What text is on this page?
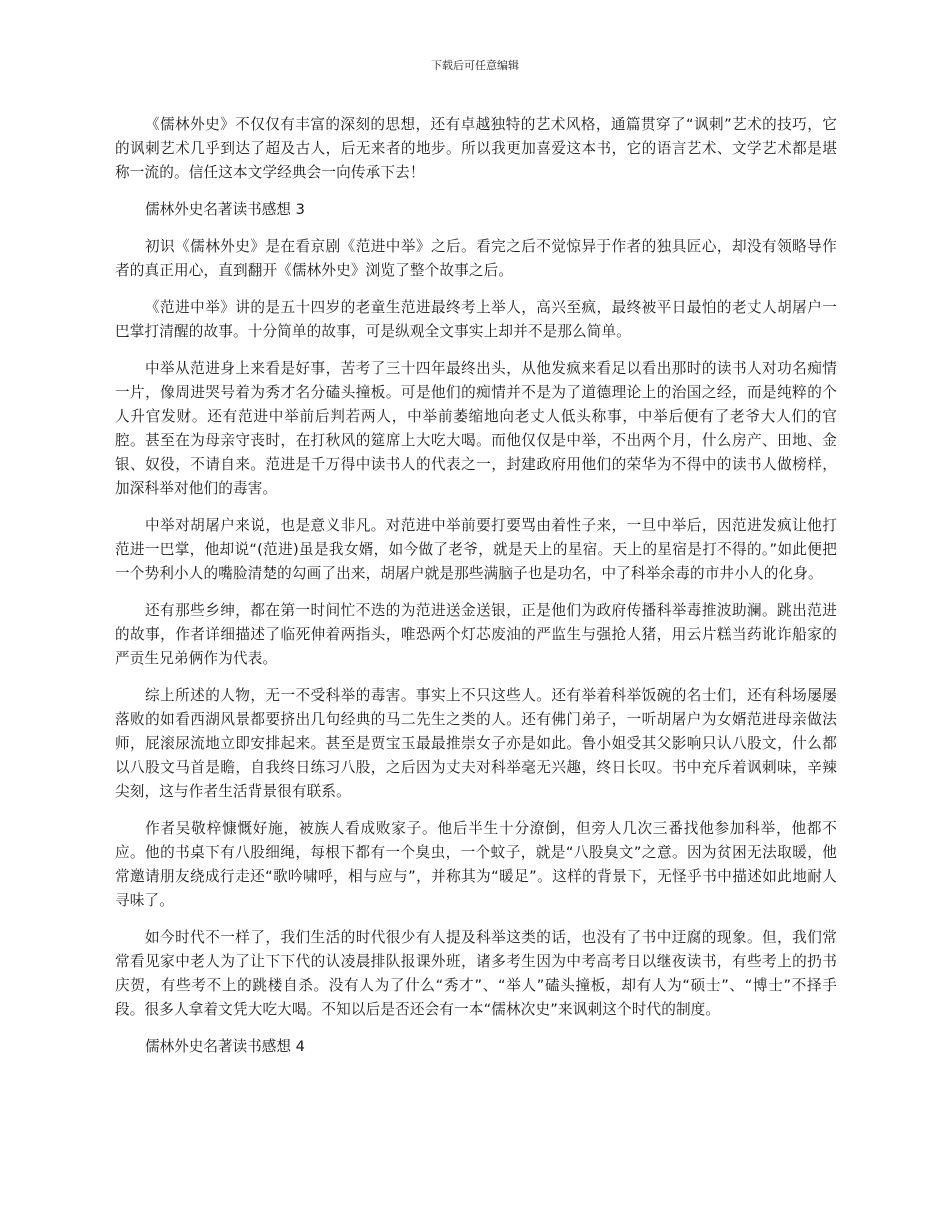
下载后可任意编辑

《儒林外史》不仅仅有丰富的深刻的思想，还有卓越独特的艺术风格，通篇贯穿了“讽刺”艺术的技巧，它的讽刺艺术几乎到达了超及古人，后无来者的地步。所以我更加喜爱这本书，它的语言艺术、文学艺术都是堪称一流的。信任这本文学经典会一向传承下去！

儒林外史名著读书感想 3

初识《儒林外史》是在看京剧《范进中举》之后。看完之后不觉惊异于作者的独具匠心，却没有领略导作者的真正用心，直到翻开《儒林外史》浏览了整个故事之后。

《范进中举》讲的是五十四岁的老童生范进最终考上举人，高兴至疯，最终被平日最怕的老丈人胡屠户一巴掌打清醒的故事。十分简单的故事，可是纵观全文事实上却并不是那么简单。

中举从范进身上来看是好事，苦考了三十四年最终出头，从他发疯来看足以看出那时的读书人对功名痴情一片，像周进哭号着为秀才名分磕头撞板。可是他们的痴情并不是为了道德理论上的治国之经，而是纯粹的个人升官发财。还有范进中举前后判若两人，中举前萎缩地向老丈人低头称事，中举后便有了老爷大人们的官腔。甚至在为母亲守丧时，在打秋风的筵席上大吃大喝。而他仅仅是中举，不出两个月，什么房产、田地、金银、奴役，不请自来。范进是千万得中读书人的代表之一，封建政府用他们的荣华为不得中的读书人做榜样，加深科举对他们的毒害。

中举对胡屠户来说，也是意义非凡。对范进中举前要打要骂由着性子来，一旦中举后，因范进发疯让他打范进一巴掌，他却说“(范进)虽是我女婿，如今做了老爷，就是天上的星宿。天上的星宿是打不得的。”如此便把一个势利小人的嘴脸清楚的勾画了出来，胡屠户就是那些满脑子也是功名，中了科举余毒的市井小人的化身。

还有那些乡绅，都在第一时间忙不迭的为范进送金送银，正是他们为政府传播科举毒推波助澜。跳出范进的故事，作者详细描述了临死伸着两指头，唯恐两个灯芯废油的严监生与强抢人猪，用云片糕当药讹诈船家的严贡生兄弟俩作为代表。

综上所述的人物，无一不受科举的毒害。事实上不只这些人。还有举着科举饭碗的名士们，还有科场屡屡落败的如看西湖风景都要挤出几句经典的马二先生之类的人。还有佛门弟子，一听胡屠户为女婿范进母亲做法师，屁滚尿流地立即安排起来。甚至是贾宝玉最最推崇女子亦是如此。鲁小姐受其父影响只认八股文，什么都以八股文马首是瞻，自我终日练习八股，之后因为丈夫对科举毫无兴趣，终日长叹。书中充斥着讽刺味，辛辣尖刻，这与作者生活背景很有联系。

作者吴敬梓慷慨好施，被族人看成败家子。他后半生十分潦倒，但旁人几次三番找他参加科举，他都不应。他的书桌下有八股细绳，每根下都有一个臭虫，一个蚊子，就是“八股臭文”之意。因为贫困无法取暖，他常邀请朋友绕成行走还“歌吟啸呼，相与应与”，并称其为“暖足”。这样的背景下，无怪乎书中描述如此地耐人寻味了。

如今时代不一样了，我们生活的时代很少有人提及科举这类的话，也没有了书中迂腐的现象。但，我们常常看见家中老人为了让下下代的认凌晨排队报课外班，诸多考生因为中考高考日以继夜读书，有些考上的扔书庆贺，有些考不上的跳楼自杀。没有人为了什么“秀才”、“举人”磕头撞板，却有人为“硕士”、“博士”不择手段。很多人拿着文凭大吃大喝。不知以后是否还会有一本“儒林次史”来讽刺这个时代的制度。

儒林外史名著读书感想 4
